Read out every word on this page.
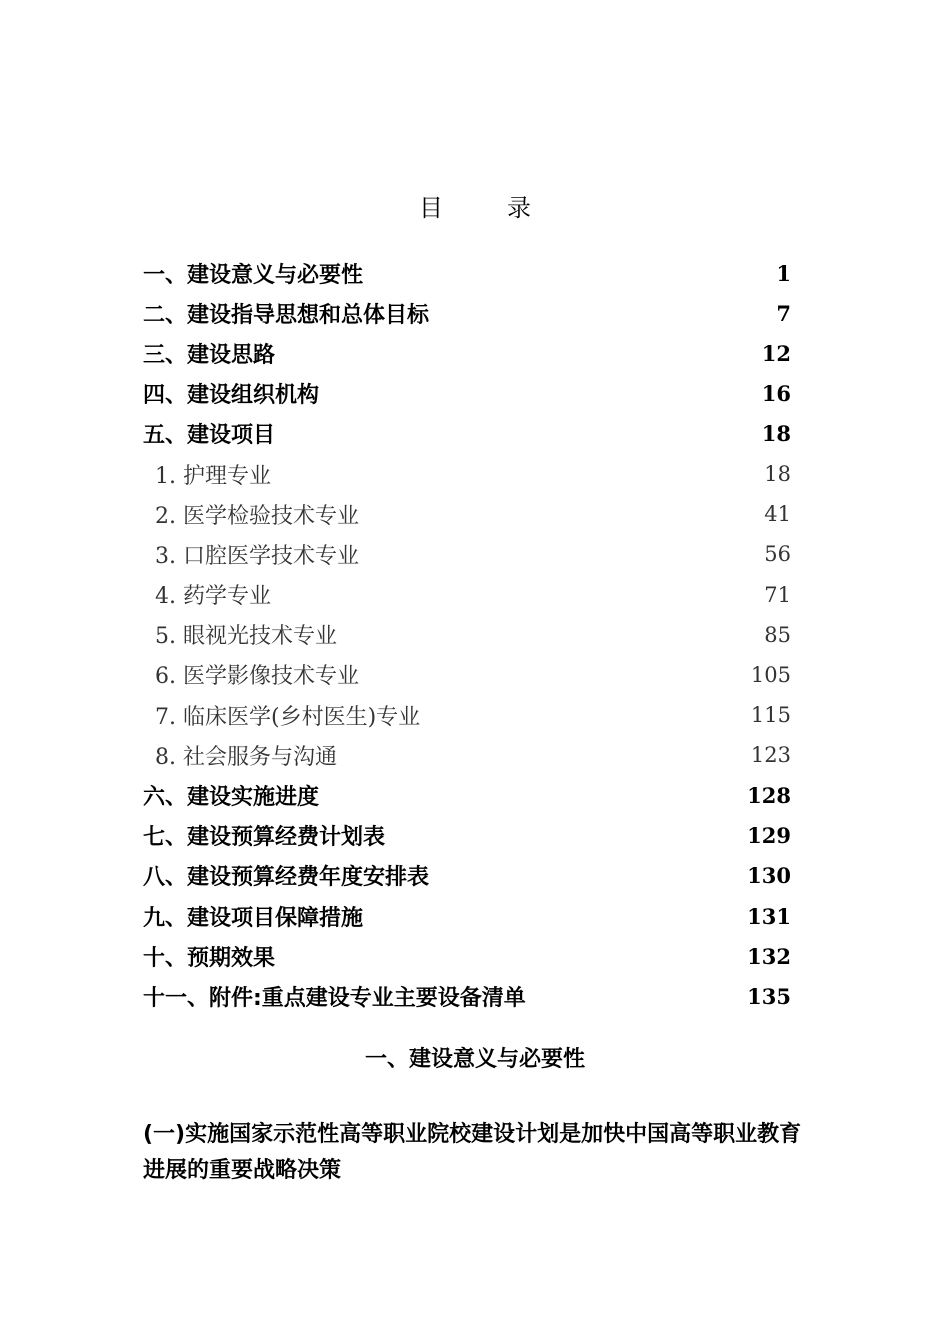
目	录
一、建设意义与必要性	1
二、建设指导思想和总体目标	7
三、建设思路	12
四、建设组织机构	16
五、建设项目	18
1. 护理专业	18
2. 医学检验技术专业	41
3. 口腔医学技术专业	56
4. 药学专业	71
5. 眼视光技术专业	85
6. 医学影像技术专业	105
7. 临床医学(乡村医生)专业	115
8. 社会服务与沟通	123
六、建设实施进度	128
七、建设预算经费计划表	129
八、建设预算经费年度安排表	130
九、建设项目保障措施	131
十、预期效果	132
十一、附件:重点建设专业主要设备清单	135
一、建设意义与必要性
(一)实施国家示范性高等职业院校建设计划是加快中国高等职业教育进展的重要战略决策
